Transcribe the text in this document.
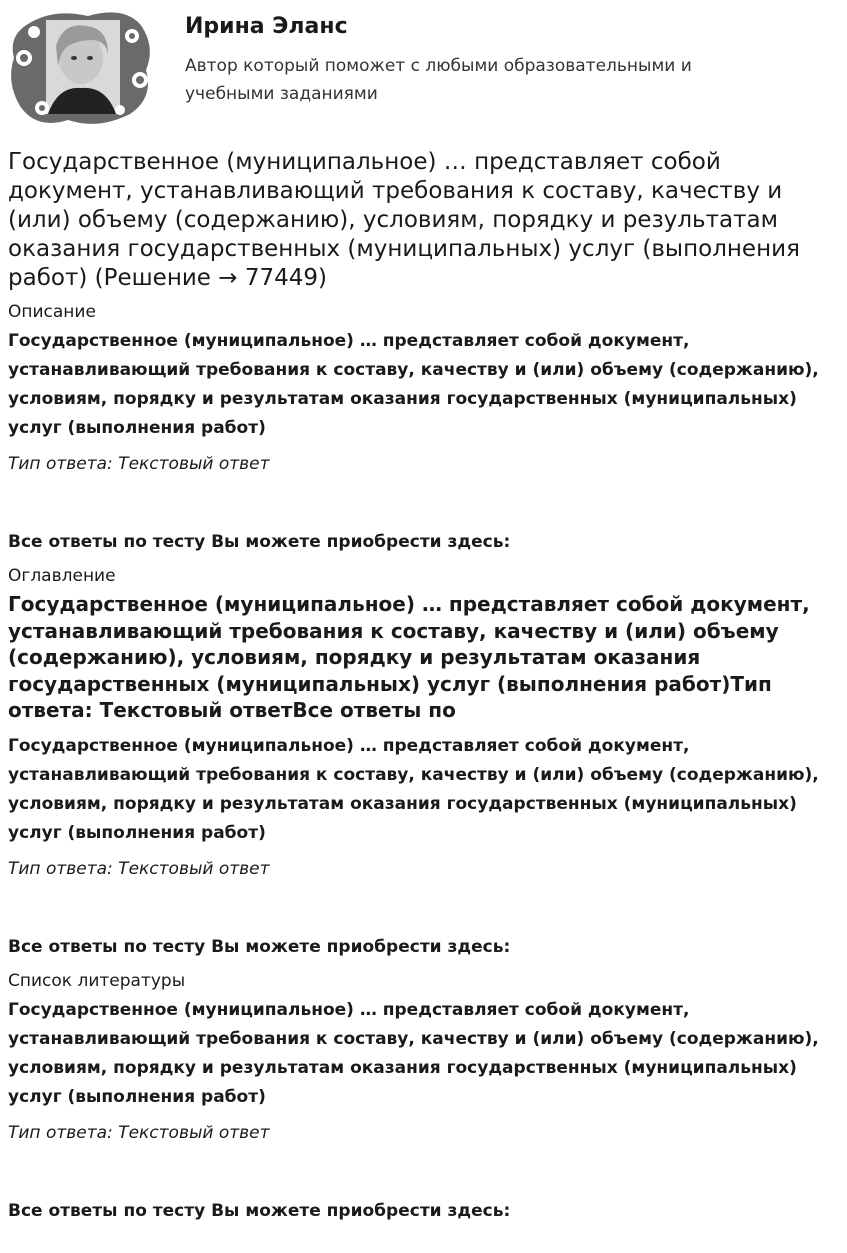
Ирина Эланс

Автор который поможет с любыми образовательными и учебными заданиями

Государственное (муниципальное) … представляет собой документ, устанавливающий требования к составу, качеству и (или) объему (содержанию), условиям, порядку и результатам оказания государственных (муниципальных) услуг (выполнения работ) (Решение → 77449)
Описание

Государственное (муниципальное) … представляет собой документ, устанавливающий требования к составу, качеству и (или) объему (содержанию), условиям, порядку и результатам оказания государственных (муниципальных) услуг (выполнения работ)

Тип ответа: Текстовый ответ

Все ответы по тесту Вы можете приобрести здесь:

Оглавление
Государственное (муниципальное) … представляет собой документ, устанавливающий требования к составу, качеству и (или) объему (содержанию), условиям, порядку и результатам оказания государственных (муниципальных) услуг (выполнения работ)Тип ответа: Текстовый ответВсе ответы по

Государственное (муниципальное) … представляет собой документ, устанавливающий требования к составу, качеству и (или) объему (содержанию), условиям, порядку и результатам оказания государственных (муниципальных) услуг (выполнения работ)

Тип ответа: Текстовый ответ

Все ответы по тесту Вы можете приобрести здесь:

Список литературы

Государственное (муниципальное) … представляет собой документ, устанавливающий требования к составу, качеству и (или) объему (содержанию), условиям, порядку и результатам оказания государственных (муниципальных) услуг (выполнения работ)

Тип ответа: Текстовый ответ

Все ответы по тесту Вы можете приобрести здесь:
